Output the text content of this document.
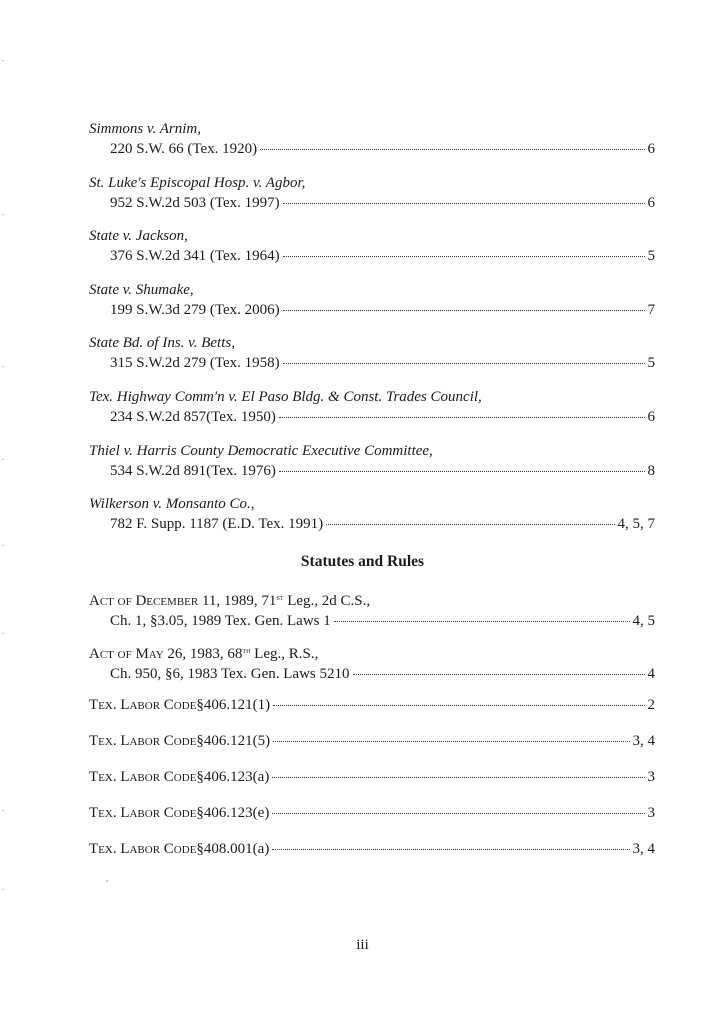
Simmons v. Arnim,
220 S.W. 66 (Tex. 1920)	6
St. Luke's Episcopal Hosp. v. Agbor,
952 S.W.2d 503 (Tex. 1997)	6
State v. Jackson,
376 S.W.2d 341 (Tex. 1964)	5
State v. Shumake,
199 S.W.3d 279 (Tex. 2006)	7
State Bd. of Ins. v. Betts,
315 S.W.2d 279 (Tex. 1958)	5
Tex. Highway Comm'n v. El Paso Bldg. & Const. Trades Council,
234 S.W.2d 857(Tex. 1950)	6
Thiel v. Harris County Democratic Executive Committee,
534 S.W.2d 891(Tex. 1976)	8
Wilkerson v. Monsanto Co.,
782 F. Supp. 1187 (E.D. Tex. 1991)	4, 5, 7
Statutes and Rules
Act of December 11, 1989, 71st Leg., 2d C.S.,
Ch. 1, §3.05, 1989 Tex. Gen. Laws 1	4, 5
Act of May 26, 1983, 68th Leg., R.S.,
Ch. 950, §6, 1983 Tex. Gen. Laws 5210	4
Tex. Labor Code §406.121(1)	2
Tex. Labor Code §406.121(5)	3, 4
Tex. Labor Code §406.123(a)	3
Tex. Labor Code §406.123(e)	3
Tex. Labor Code §408.001(a)	3, 4
iii
